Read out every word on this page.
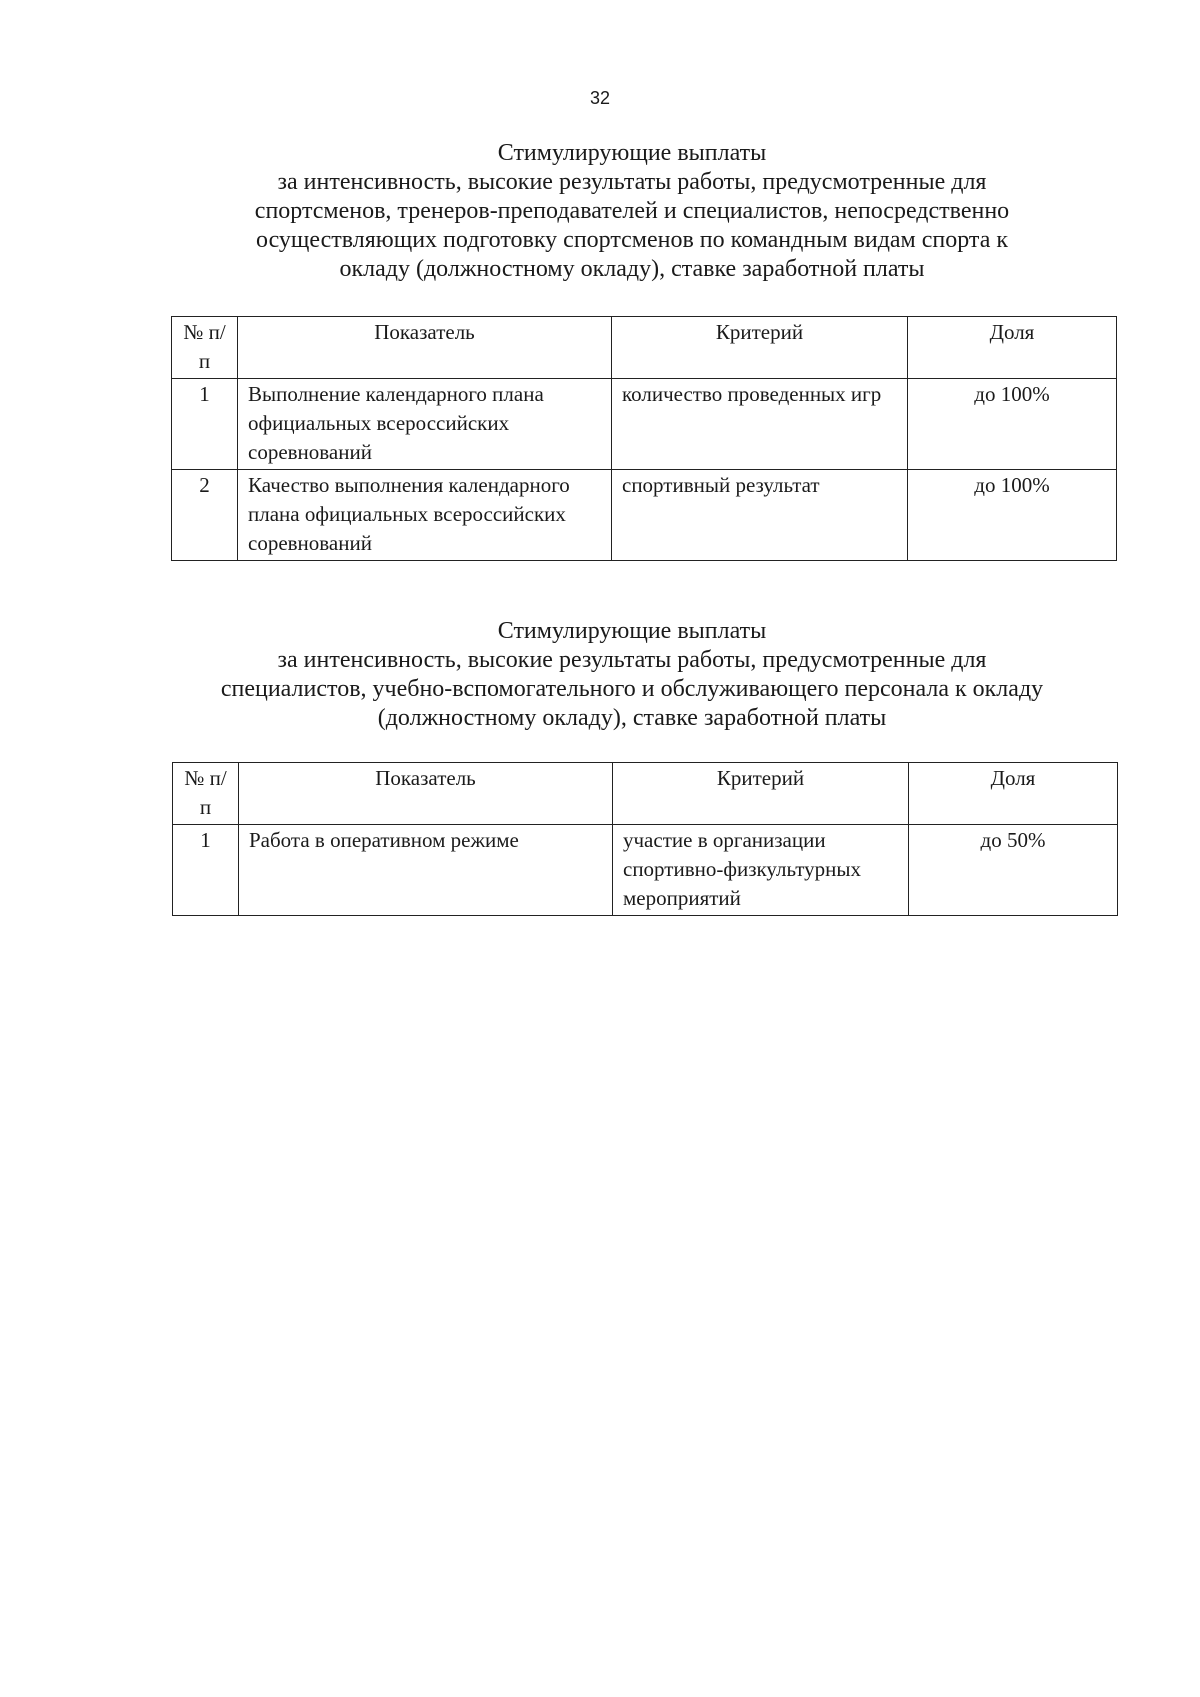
32
Стимулирующие выплаты
за интенсивность, высокие результаты работы, предусмотренные для
спортсменов, тренеров-преподавателей и специалистов, непосредственно
осуществляющих подготовку спортсменов по командным видам спорта к
окладу (должностному окладу), ставке заработной платы
№ п/п	Показатель	Критерий	Доля
1	Выполнение календарного плана официальных всероссийских соревнований	количество проведенных игр	до 100%
2	Качество выполнения календарного плана официальных всероссийских соревнований	спортивный результат	до 100%
Стимулирующие выплаты
за интенсивность, высокие результаты работы, предусмотренные для
специалистов, учебно-вспомогательного и обслуживающего персонала к окладу
(должностному окладу), ставке заработной платы
№ п/п	Показатель	Критерий	Доля
1	Работа в оперативном режиме	участие в организации спортивно-физкультурных мероприятий	до 50%
